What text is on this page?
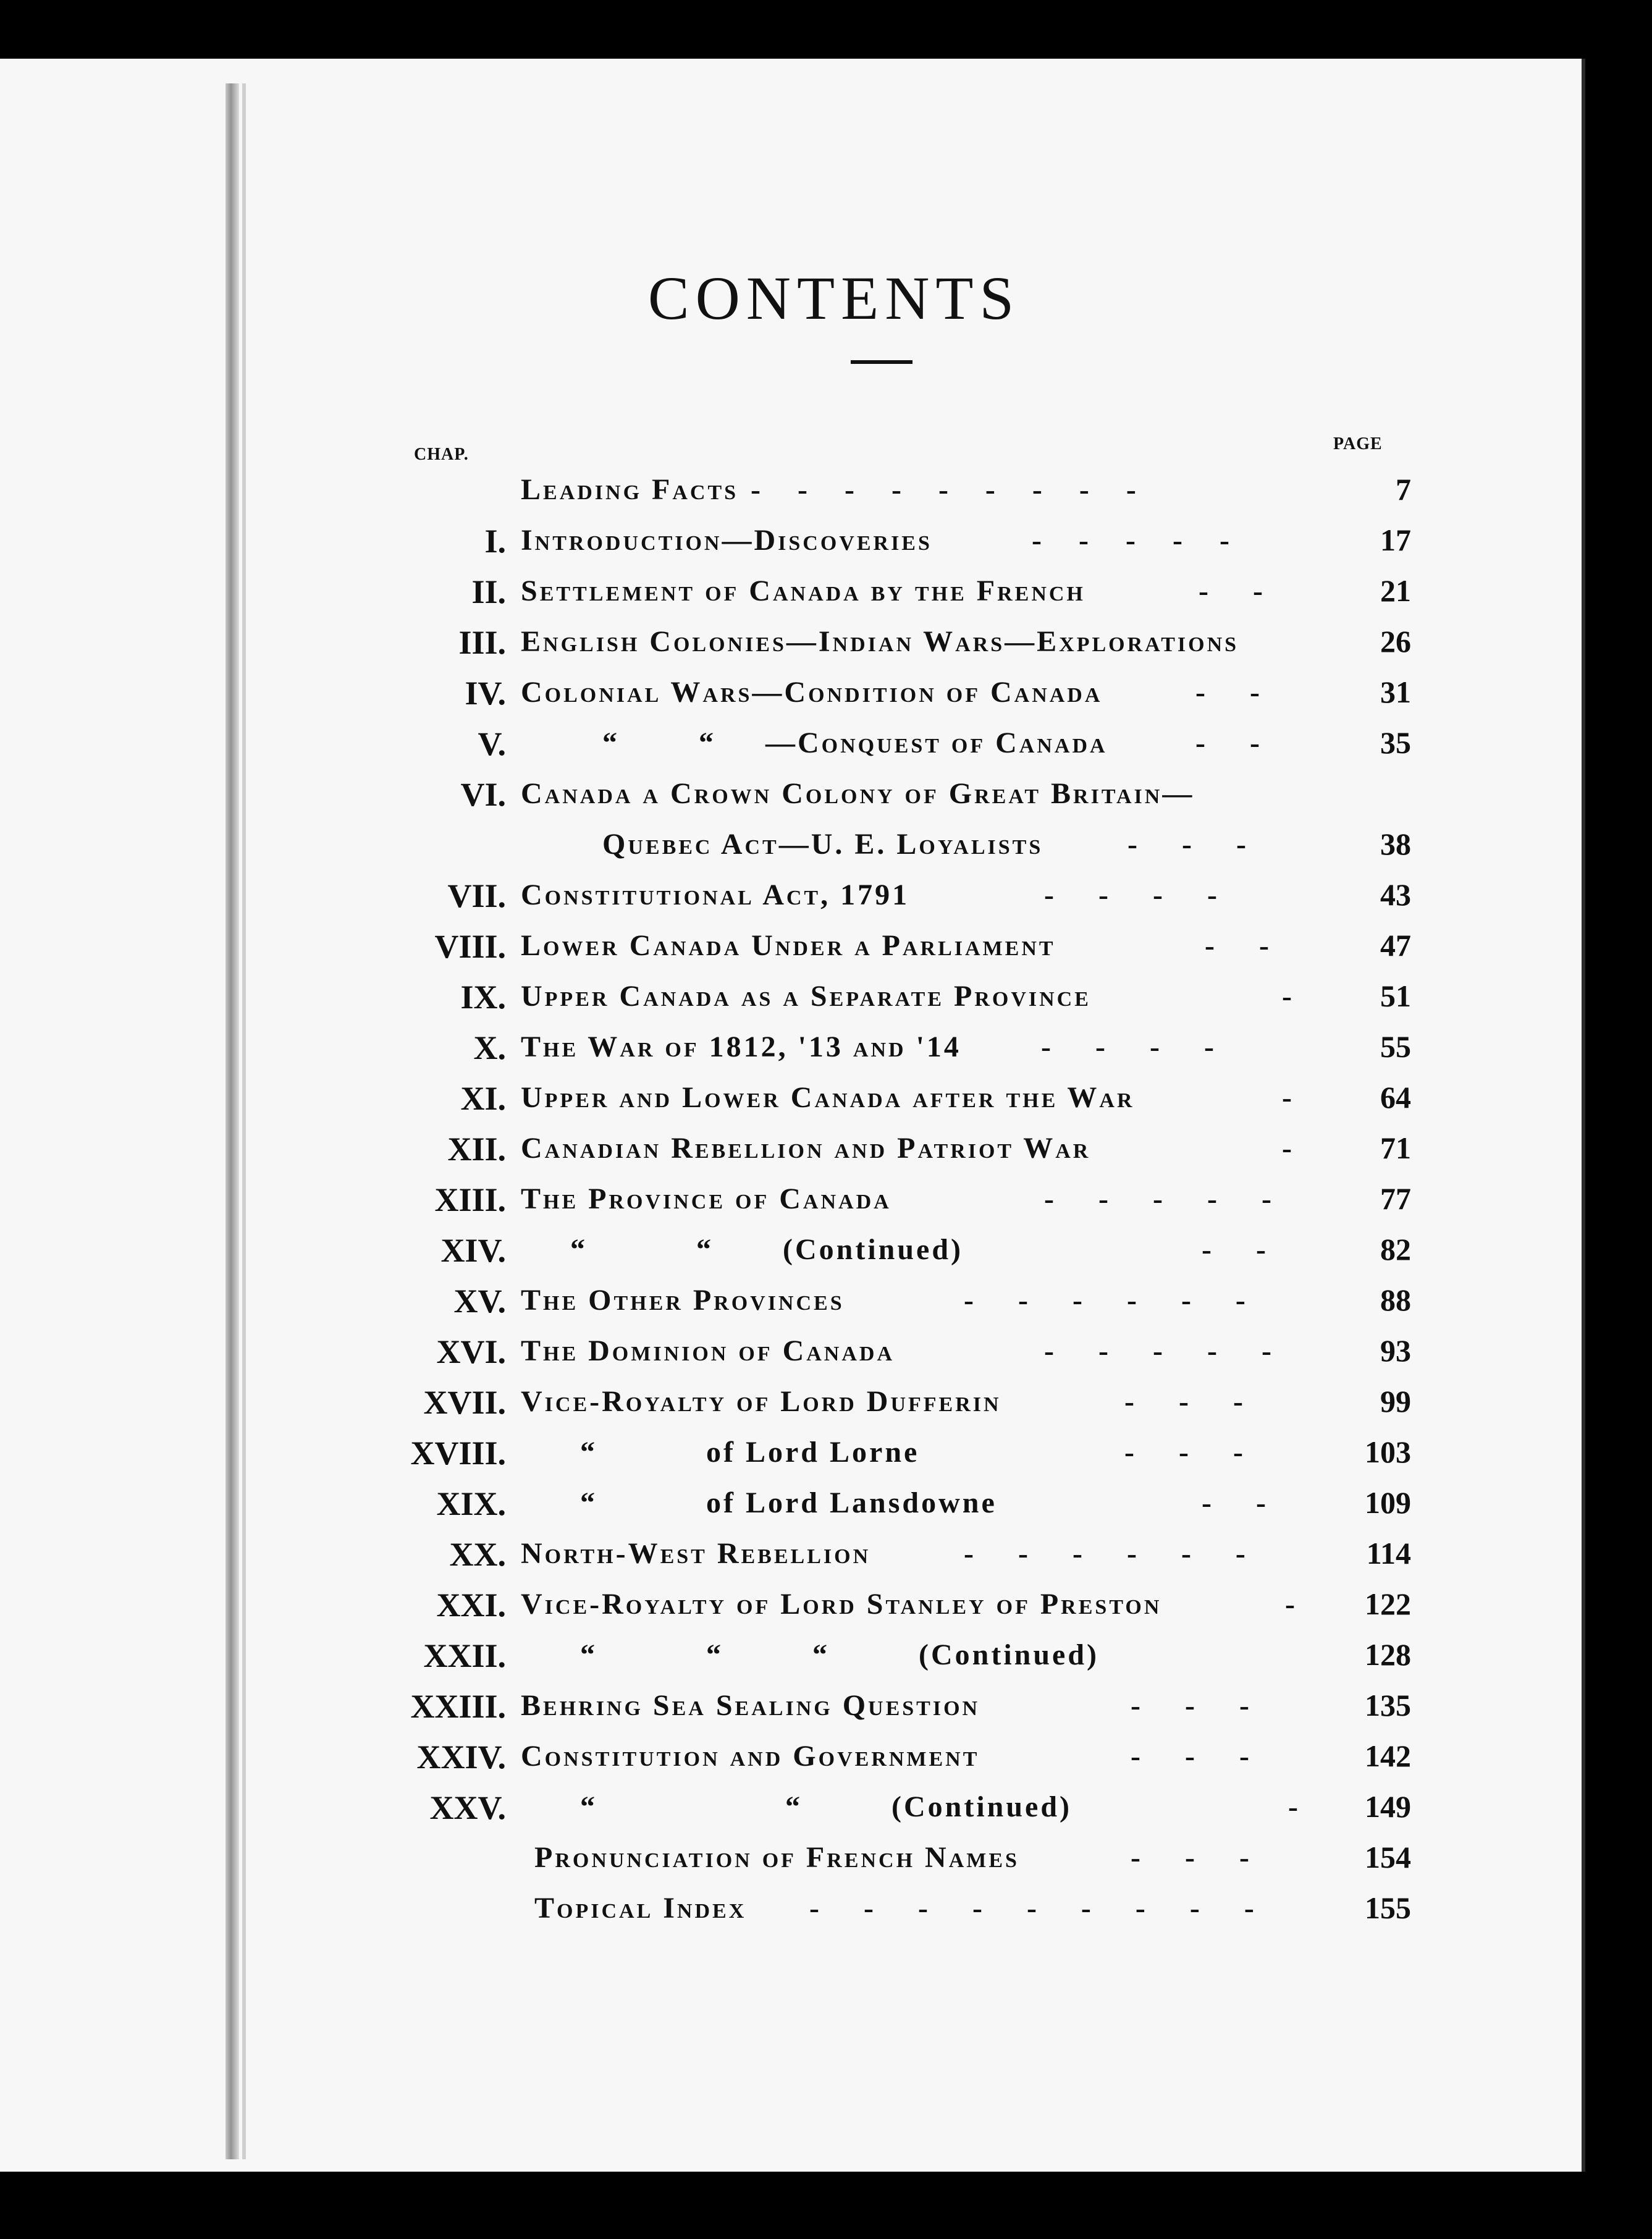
CONTENTS
CHAP.
PAGE
Leading Facts -     -     -     -     -     -     -     -     -	7
I. Introduction—Discoveries	-     -     -     -     -	17
II. Settlement of Canada by the French	-      -	21
III. English Colonies—Indian Wars—Explorations	26
IV. Colonial Wars—Condition of Canada	-      -	31
V.	“        “     —Conquest of Canada	-      -	35
VI. Canada a Crown Colony of Great Britain—
Quebec Act—U. E. Loyalists	-      -      -	38
VII. Constitutional Act, 1791	-      -      -      -	43
VIII. Lower Canada Under a Parliament	-      -	47
IX. Upper Canada as a Separate Province	-	51
X. The War of 1812, '13 and '14	-      -      -      -	55
XI. Upper and Lower Canada after the War	-	64
XII. Canadian Rebellion and Patriot War	-	71
XIII. The Province of Canada	-      -      -      -      -	77
XIV. “           “       (Continued)	-      -	82
XV. The Other Provinces	-      -      -      -      -      -	88
XVI. The Dominion of Canada	-      -      -      -      -	93
XVII. Vice-Royalty of Lord Dufferin	-      -      -	99
XVIII. “           of Lord Lorne	-      -      -	103
XIX. “           of Lord Lansdowne	-      -	109
XX. North-West Rebellion	-      -      -      -      -      -	114
XXI. Vice-Royalty of Lord Stanley of Preston	- 122
XXII. “           “         “         (Continued)	128
XXIII. Behring Sea Sealing Question	-      -      -	135
XXIV. Constitution and Government	-      -      -	142
XXV. “                   “         (Continued)	- 149
Pronunciation of French Names	-      -      -	154
Topical Index -      -      -      -      -      -      -      -      -	155
